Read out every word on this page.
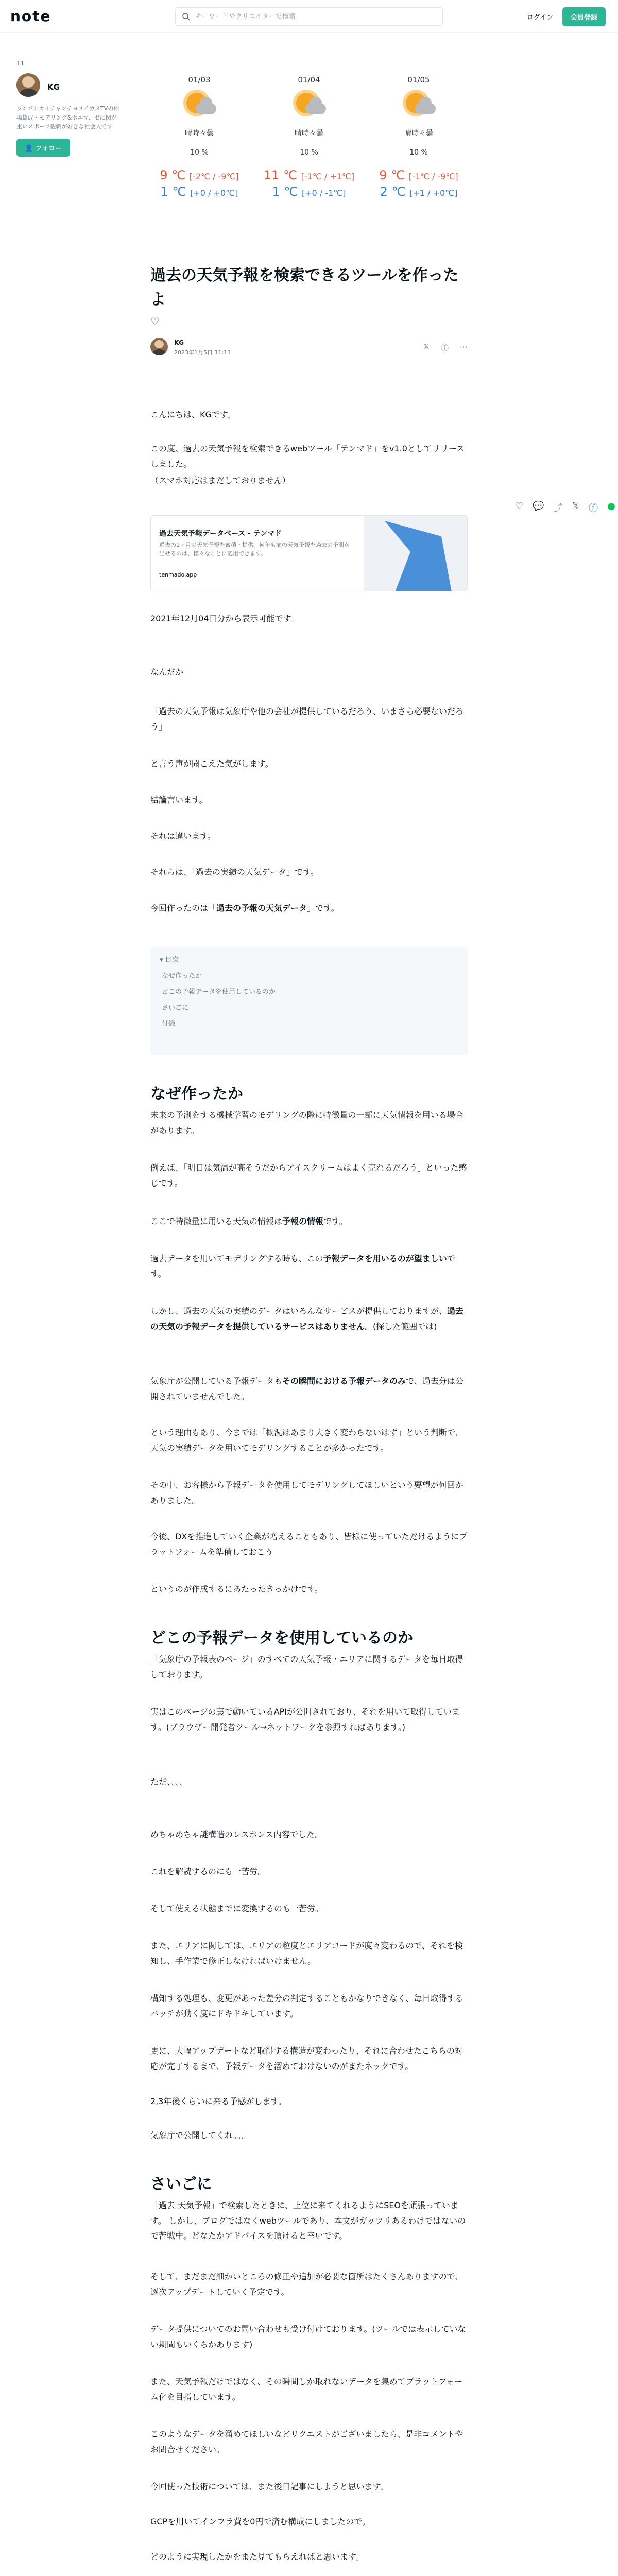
note
キーワードやクリエイターで検索	ログイン	会員登録
11
KG
ワンパンカイチャンチヨメイカヌTVの相場雄成・モデリング&ポエマ、ゼに関が重いスポーツ観戦が好きな社会人です
👤 フォロー
01/03
晴時々曇
10 %
9 ℃ [-2℃ / -9℃]
1 ℃ [+0 / +0℃]
01/04
晴時々曇
10 %
11 ℃ [-1℃ / +1℃]
1 ℃ [+0 / -1℃]
01/05
晴時々曇
10 %
9 ℃ [-1℃ / -9℃]
2 ℃ [+1 / +0℃]
過去の天気予報を検索できるツールを作ったよ
♡
KG
2023年1月5日 11:11
𝕏 ⓕ ⋯
♡ 💬 ⤴ 𝕏 ⓕ ●
こんにちは、KGです。
この度、過去の天気予報を検索できるwebツール「テンマド」をv1.0としてリリースしました。
（スマホ対応はまだしておりません）
過去天気予報データベース - テンマド
過去の1ヶ月の天気予報を蓄積・提供。何年も前の天気予報を過去の予測が出せるのは、様々なことに応用できます。
tenmado.app
2021年12月04日分から表示可能です。
なんだか
「過去の天気予報は気象庁や他の会社が提供しているだろう、いまさら必要ないだろう」
と言う声が聞こえた気がします。
結論言います。
それは違います。
それらは、「過去の実績の天気データ」です。
今回作ったのは「過去の予報の天気データ」です。
▾ 目次
なぜ作ったか
どこの予報データを使用しているのか
さいごに
付録
なぜ作ったか
未来の予測をする機械学習のモデリングの際に特徴量の一部に天気情報を用いる場合があります。
例えば、「明日は気温が高そうだからアイスクリームはよく売れるだろう」といった感じです。
ここで特徴量に用いる天気の情報は予報の情報です。
過去データを用いてモデリングする時も、この予報データを用いるのが望ましいです。
しかし、過去の天気の実績のデータはいろんなサービスが提供しておりますが、過去の天気の予報データを提供しているサービスはありません。(探した範囲では)
気象庁が公開している予報データもその瞬間における予報データのみで、過去分は公開されていませんでした。
という理由もあり、今までは「概況はあまり大きく変わらないはず」という判断で、天気の実績データを用いてモデリングすることが多かったです。
その中、お客様から予報データを使用してモデリングしてほしいという要望が何回かありました。
今後、DXを推進していく企業が増えることもあり、皆様に使っていただけるようにプラットフォームを準備しておこう
というのが作成するにあたったきっかけです。
どこの予報データを使用しているのか
「気象庁の予報表のページ」のすべての天気予報・エリアに関するデータを毎日取得しております。
実はこのページの裏で動いているAPIが公開されており、それを用いて取得しています。(ブラウザー開発者ツール→ネットワークを参照すればあります。)
ただ、、、、
めちゃめちゃ謎構造のレスポンス内容でした。
これを解読するのにも一苦労。
そして使える状態までに変換するのも一苦労。
また、エリアに関しては、エリアの粒度とエリアコードが度々変わるので、それを検知し、手作業で修正しなければいけません。
構知する処理も、変更があった差分の判定することもかなりできなく、毎日取得するバッチが動く度にドキドキしています。
更に、大幅アップデートなど取得する構造が変わったり、それに合わせたこちらの対応が完了するまで、予報データを溜めておけないのがまたネックです。
2,3年後くらいに来る予感がします。
気象庁で公開してくれ。。。
さいごに
「過去 天気予報」で検索したときに、上位に来てくれるようにSEOを頑張っています。 しかし、ブログではなくwebツールであり、本文がガッツリあるわけではないので苦戦中。どなたかアドバイスを頂けると幸いです。
そして、まだまだ細かいところの修正や追加が必要な箇所はたくさんありますので、逐次アップデートしていく予定です。
データ提供についてのお問い合わせも受け付けております。(ツールでは表示していない期間もいくらかあります)
また、天気予報だけではなく、その瞬間しか取れないデータを集めてプラットフォーム化を目指しています。
このようなデータを溜めてほしいなどリクエストがございましたら、是非コメントやお問合せください。
今回使った技術については、また後日記事にしようと思います。
GCPを用いてインフラ費を0円で済む構成にしましたので。
どのように実現したかをまた見てもらえればと思います。
